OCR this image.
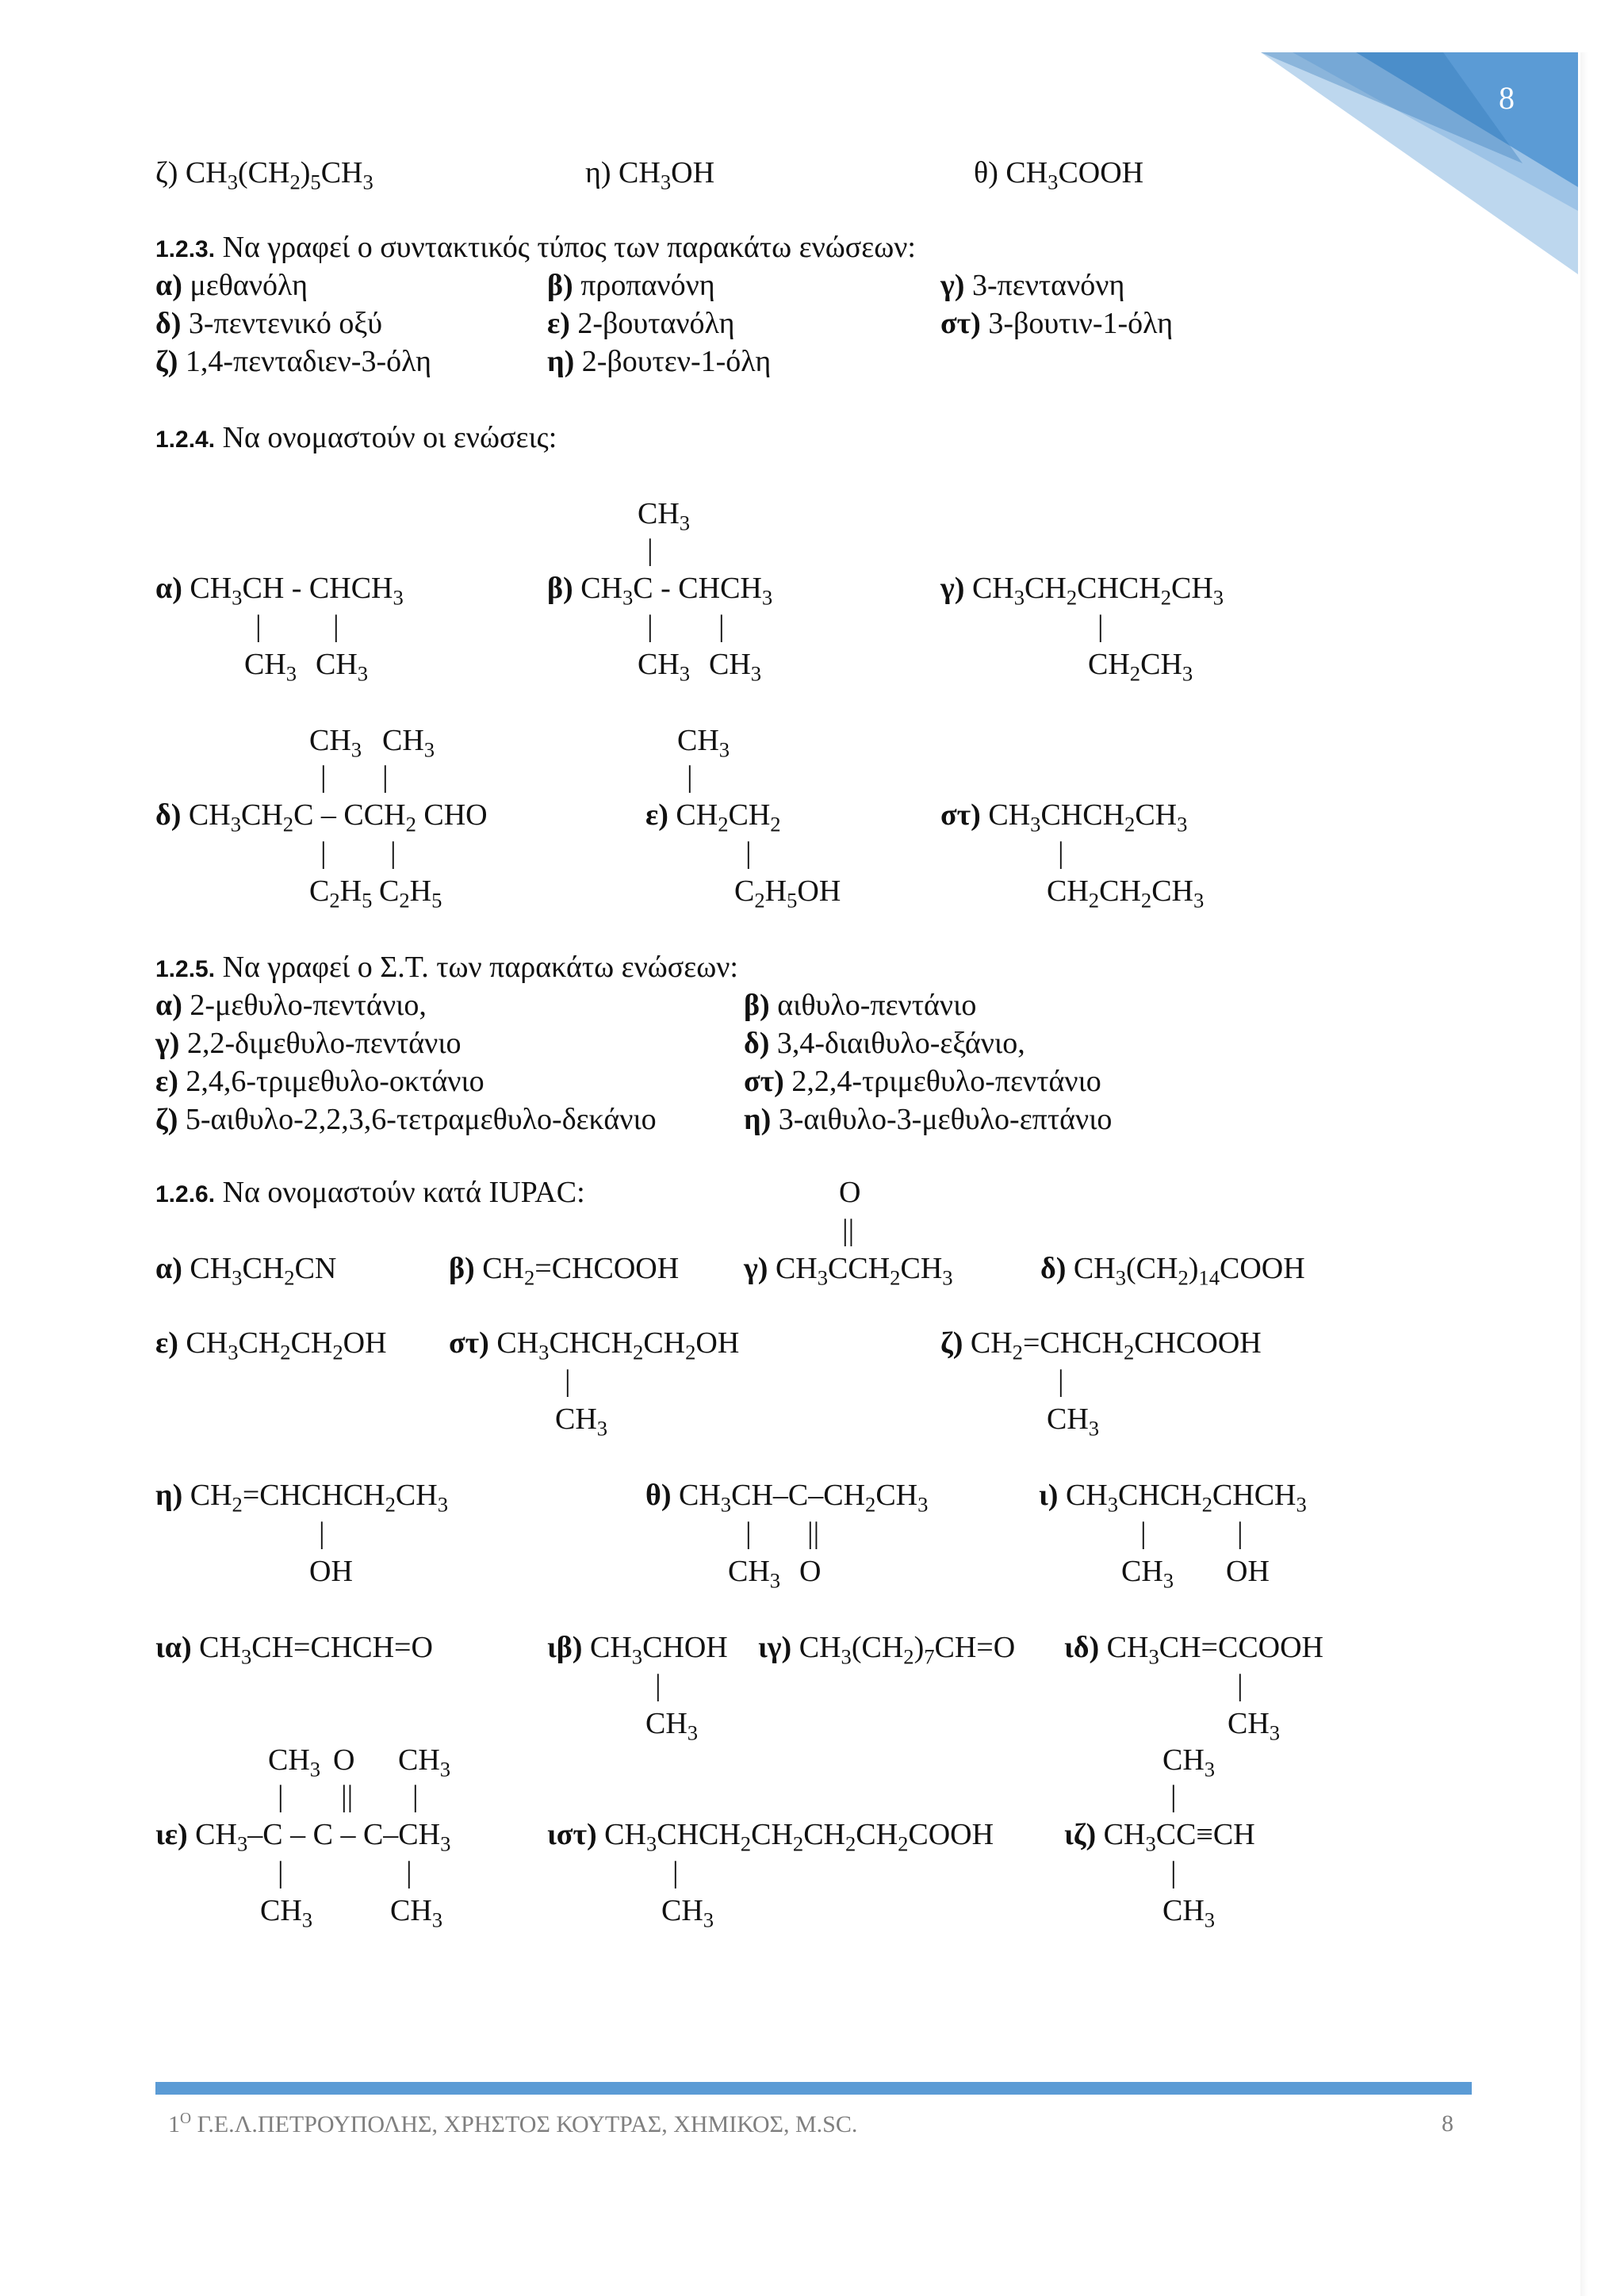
8
ζ) $CH_3(CH_2)_5CH_3$	η) $CH_3OH$	θ) $CH_3COOH$
1.2.3. Να γραφεί ο συντακτικός τύπος των παρακάτω ενώσεων:
α) μεθανόλη	β) προπανόνη	γ) 3-πεντανόνη
δ) 3-πεντενικό οξύ	ε) 2-βουτανόλη	στ) 3-βουτιν-1-όλη
ζ) 1,4-πενταδιεν-3-όλη	η) 2-βουτεν-1-όλη
1.2.4. Να ονομαστούν οι ενώσεις:
$CH_3$
|
α) $CH_3CH$ - $CHCH_3$
| |
$CH_3$ $CH_3$
β) $CH_3C$ - $CHCH_3$
| |
$CH_3$ $CH_3$
γ) $CH_3CH_2CHCH_2CH_3$
|
$CH_2CH_3$
$CH_3$ $CH_3$	$CH_3$
| |	|
δ) $CH_3CH_2C - CCH_2$ CHO	ε) $CH_2CH_2$	στ) $CH_3CHCH_2CH_3$
| |	|	|
$C_2H_5$ $C_2H_5$	$C_2H_5OH$	$CH_2CH_2CH_3$
1.2.5. Να γραφεί ο Σ.Τ. των παρακάτω ενώσεων:
α) 2-μεθυλο-πεντάνιο,	β) αιθυλο-πεντάνιο
γ) 2,2-διμεθυλο-πεντάνιο	δ) 3,4-διαιθυλο-εξάνιο,
ε) 2,4,6-τριμεθυλο-οκτάνιο	στ) 2,2,4-τριμεθυλο-πεντάνιο
ζ) 5-αιθυλο-2,2,3,6-τετραμεθυλο-δεκάνιο	η) 3-αιθυλο-3-μεθυλο-επτάνιο
1.2.6. Να ονομαστούν κατά IUPAC:	O
||
α) $CH_3CH_2CN$	β) $CH_2=CHCOOH$ γ) $CH_3CCH_2CH_3$	δ) $CH_3(CH_2)_{14}COOH$
ε) $CH_3CH_2CH_2OH$ στ) $CH_3CHCH_2CH_2OH$	ζ) $CH_2=CHCH_2CHCOOH$
|	|
$CH_3$	$CH_3$
η) $CH_2=CHCHCH_2CH_3$	θ) $CH_3CH-C-CH_2CH_3$	ι) $CH_3CHCH_2CHCH_3$
|	| ||	|	|
OH	$CH_3$ O	$CH_3$ OH
ια) $CH_3CH=CHCH=O$	ιβ) $CH_3CHOH$ ιγ) $CH_3(CH_2)_7CH=O$ ιδ) $CH_3CH=CCOOH$
|	|
$CH_3$	$CH_3$
$CH_3$ O $CH_3$	$CH_3$
| || |	|
ιε) $CH_3-C$ – C – $C-CH_3$	ιστ) $CH_3CHCH_2CH_2CH_2CH_2COOH$ ιζ) $CH_3CC\equiv CH$
|	|	|	|
$CH_3$	$CH_3$	$CH_3$	$CH_3$
$1^O$ Γ.Ε.Λ.ΠΕΤΡΟΥΠΟΛΗΣ, ΧΡΗΣΤΟΣ ΚΟΥΤΡΑΣ, ΧΗΜΙΚΟΣ, M.SC.	8
